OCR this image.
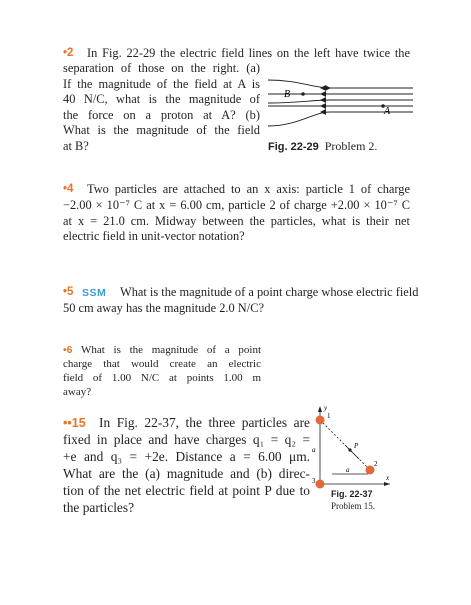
•2 In Fig. 22-29 the electric field lines on the left have twice the
separation of those on the right. (a)
If the magnitude of the field at A is
40 N/C, what is the magnitude of
the force on a proton at A? (b)
What is the magnitude of the field
at B?
B
A
Fig. 22-29 Problem 2.
•4 Two particles are attached to an x axis: particle 1 of charge
−2.00 × 10⁻⁷ C at x = 6.00 cm, particle 2 of charge +2.00 × 10⁻⁷ C
at x = 21.0 cm. Midway between the particles, what is their net
electric field in unit-vector notation?
•5 SSM What is the magnitude of a point charge whose electric field
50 cm away has the magnitude 2.0 N/C?
•6 What is the magnitude of a point
charge that would create an electric
field of 1.00 N/C at points 1.00 m
away?
••15 In Fig. 22-37, the three particles are
fixed in place and have charges q₁ = q₂ =
+e and q₃ = +2e. Distance a = 6.00 μm.
What are the (a) magnitude and (b) direc-
tion of the net electric field at point P due to
the particles?
y
x
1
2
3
P
a
a
Fig. 22-37
Problem 15.
